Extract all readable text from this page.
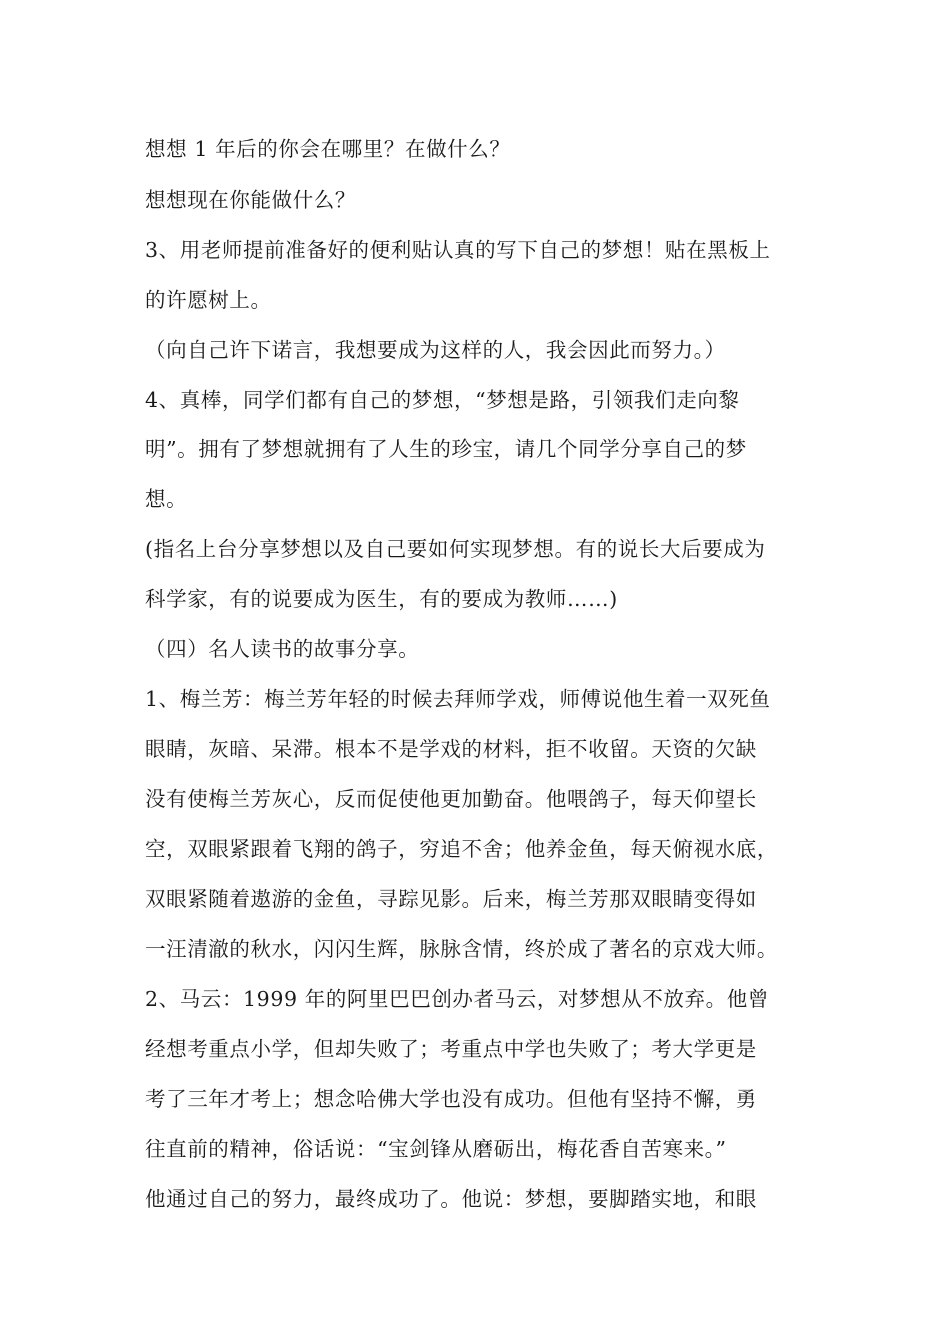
想想 1 年后的你会在哪里？在做什么？
想想现在你能做什么？
3、用老师提前准备好的便利贴认真的写下自己的梦想！贴在黑板上
的许愿树上。
（向自己许下诺言，我想要成为这样的人，我会因此而努力。）
4、真棒，同学们都有自己的梦想，“梦想是路，引领我们走向黎
明”。拥有了梦想就拥有了人生的珍宝，请几个同学分享自己的梦
想。
(指名上台分享梦想以及自己要如何实现梦想。有的说长大后要成为
科学家，有的说要成为医生，有的要成为教师……)
（四）名人读书的故事分享。
1、梅兰芳：梅兰芳年轻的时候去拜师学戏，师傅说他生着一双死鱼
眼睛，灰暗、呆滞。根本不是学戏的材料，拒不收留。天资的欠缺
没有使梅兰芳灰心，反而促使他更加勤奋。他喂鸽子，每天仰望长
空，双眼紧跟着飞翔的鸽子，穷追不舍；他养金鱼，每天俯视水底，
双眼紧随着遨游的金鱼，寻踪见影。后来，梅兰芳那双眼睛变得如
一汪清澈的秋水，闪闪生辉，脉脉含情，终於成了著名的京戏大师。
2、马云：1999 年的阿里巴巴创办者马云，对梦想从不放弃。他曾
经想考重点小学，但却失败了；考重点中学也失败了；考大学更是
考了三年才考上；想念哈佛大学也没有成功。但他有坚持不懈，勇
往直前的精神，俗话说：“宝剑锋从磨砺出，梅花香自苦寒来。”
他通过自己的努力，最终成功了。他说：梦想，要脚踏实地，和眼
